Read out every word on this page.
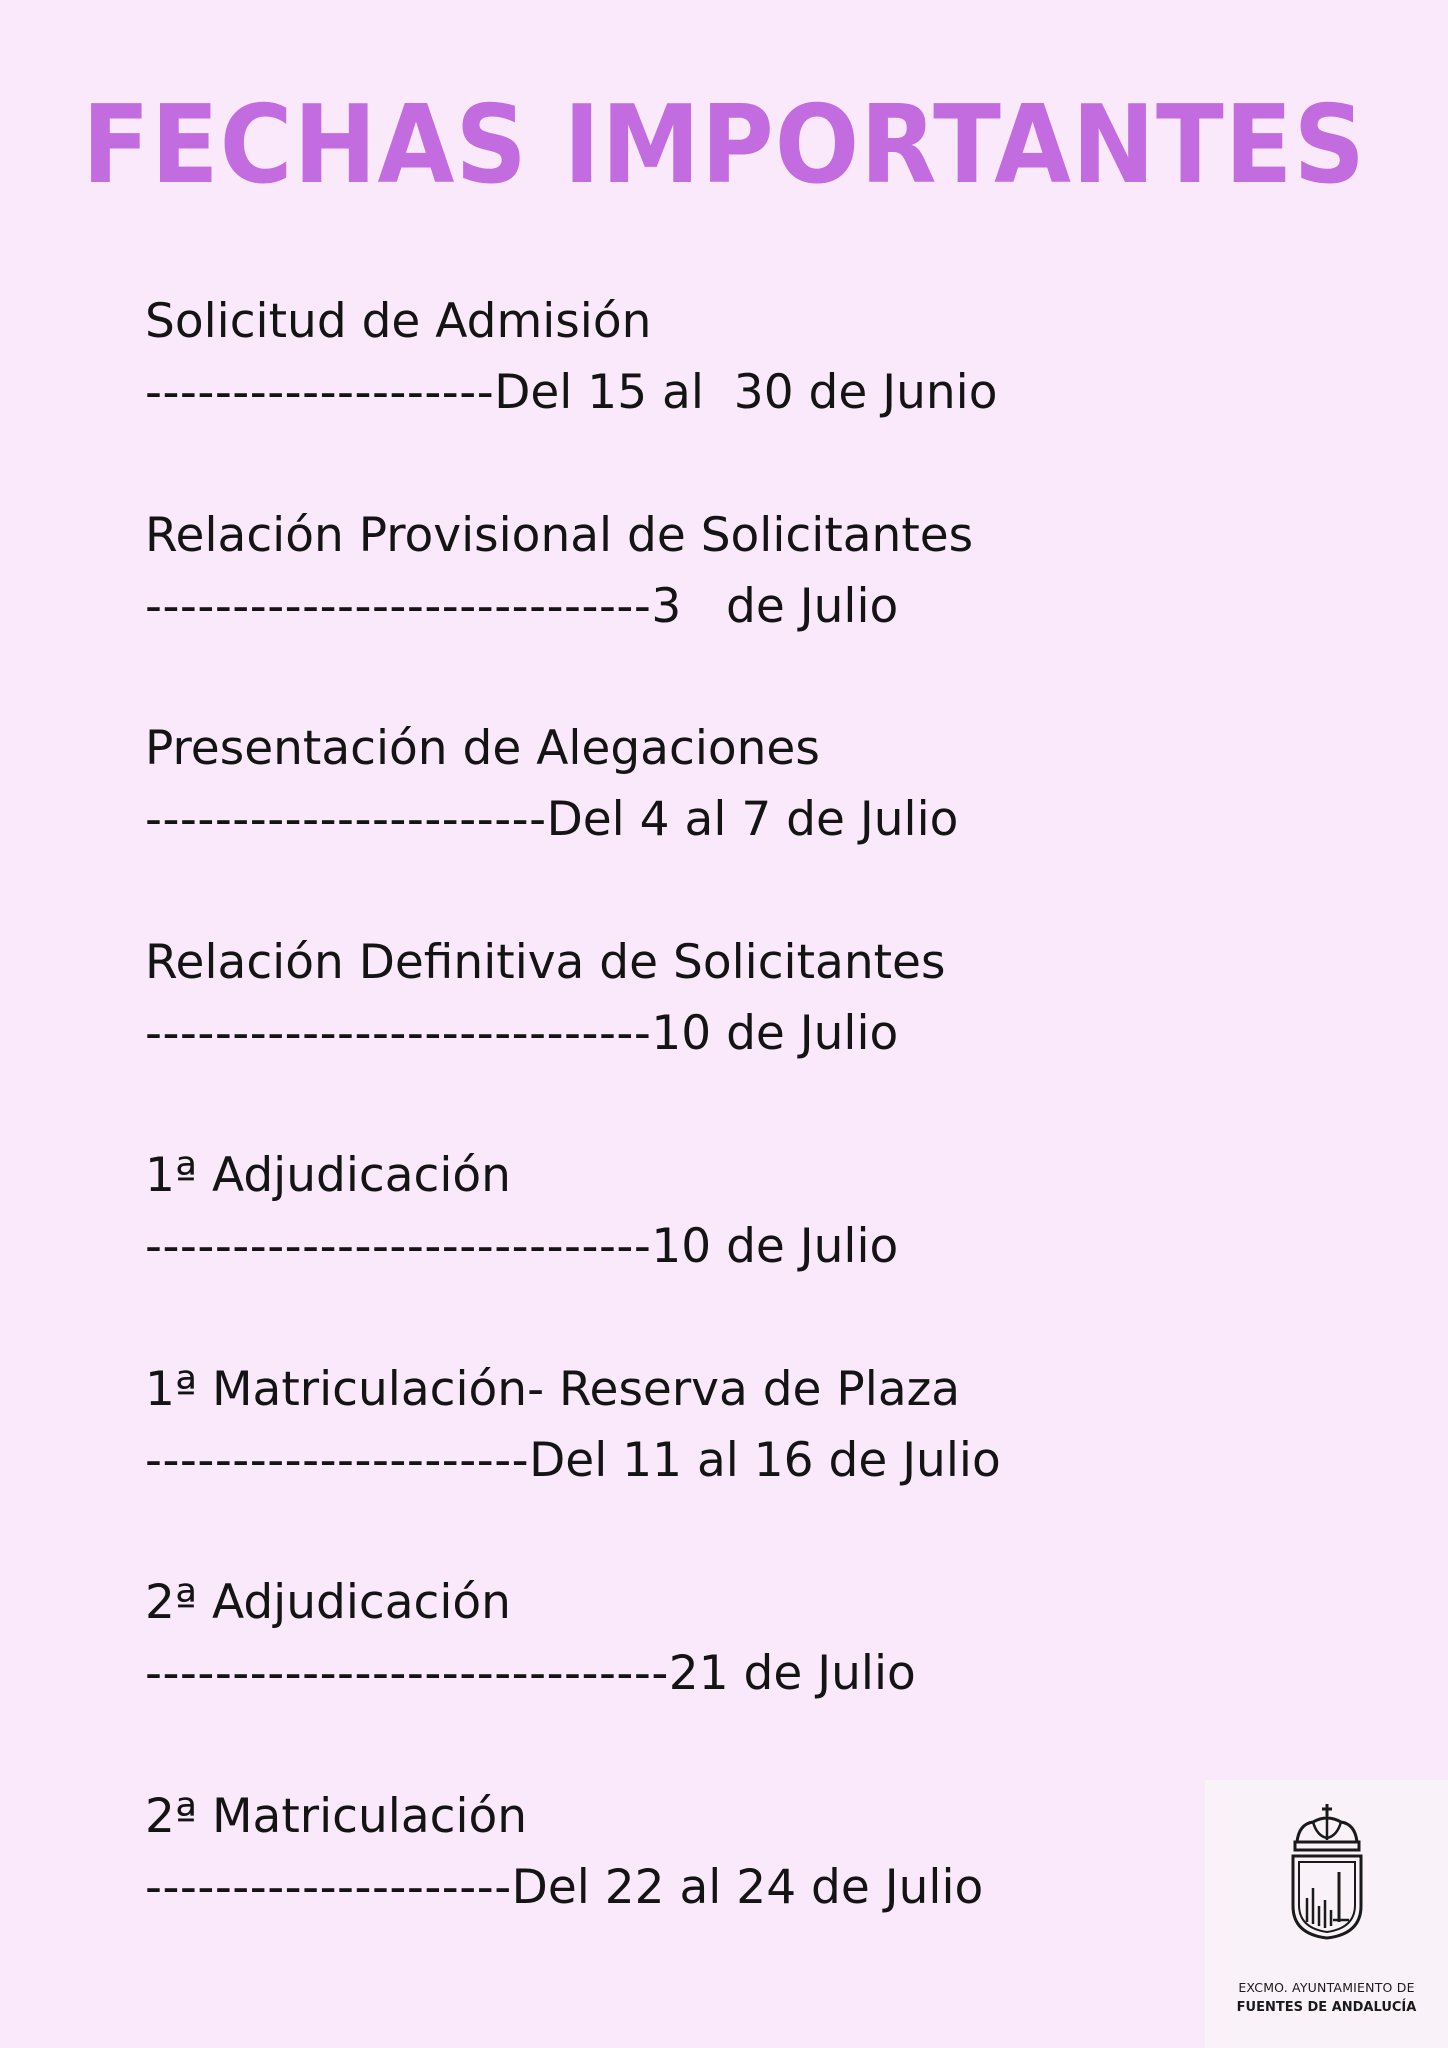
FECHAS IMPORTANTES
Solicitud de Admisión
--------------------Del 15 al  30 de Junio
Relación Provisional de Solicitantes
-----------------------------3   de Julio
Presentación de Alegaciones
-----------------------Del 4 al 7 de Julio
Relación Definitiva de Solicitantes
-----------------------------10 de Julio
1ª Adjudicación
-----------------------------10 de Julio
1ª Matriculación- Reserva de Plaza
----------------------Del 11 al 16 de Julio
2ª Adjudicación
------------------------------21 de Julio
2ª Matriculación
---------------------Del 22 al 24 de Julio
EXCMO. AYUNTAMIENTO DE
FUENTES DE ANDALUCÍA
